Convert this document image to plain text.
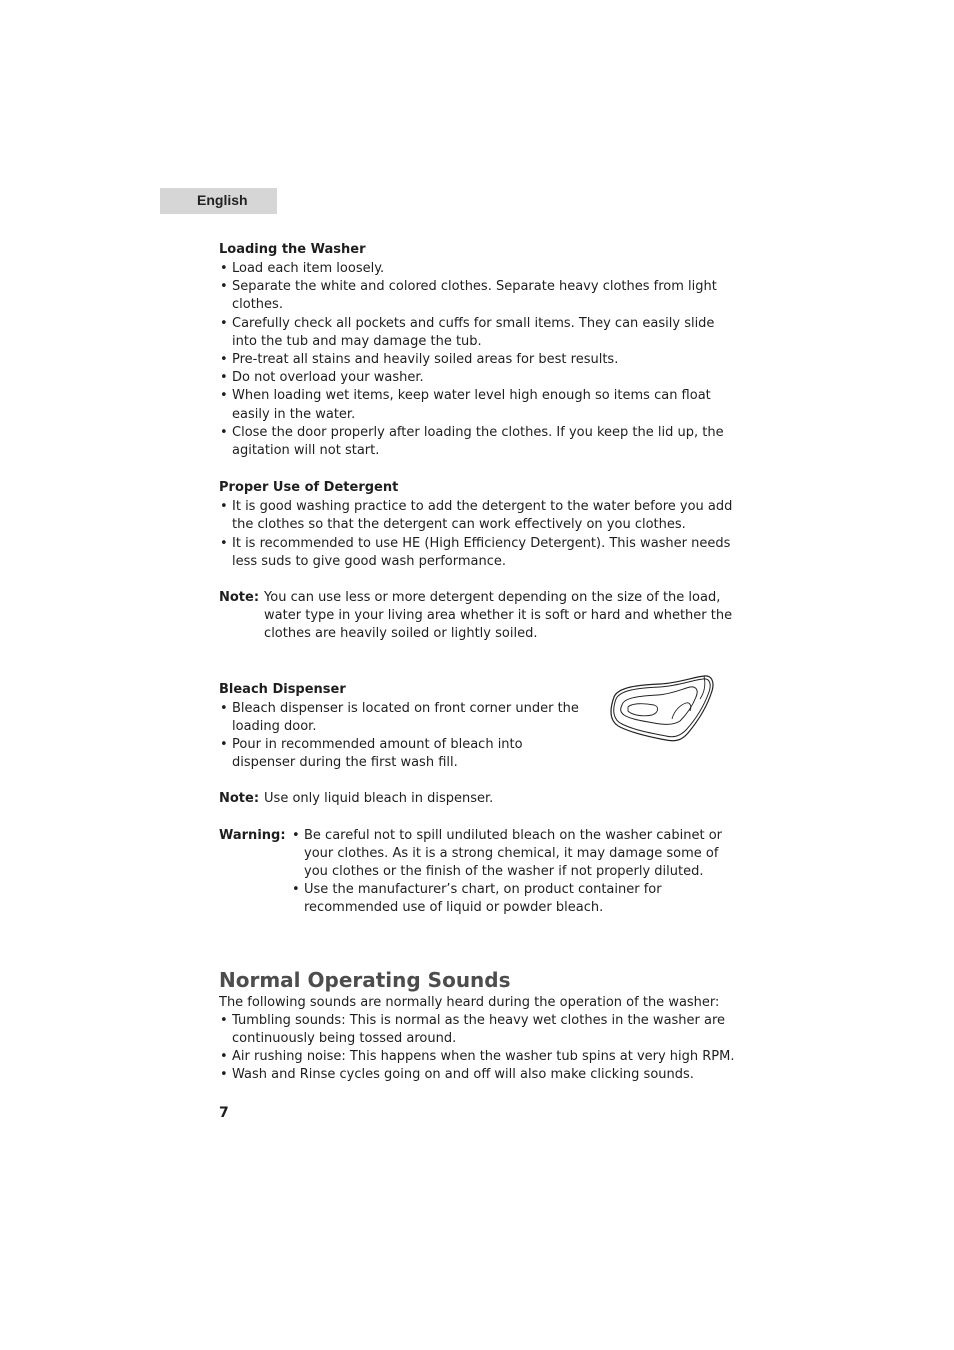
English
Loading the Washer
• Load each item loosely.
• Separate the white and colored clothes. Separate heavy clothes from light clothes.
• Carefully check all pockets and cuffs for small items. They can easily slide into the tub and may damage the tub.
• Pre-treat all stains and heavily soiled areas for best results.
• Do not overload your washer.
• When loading wet items, keep water level high enough so items can float easily in the water.
• Close the door properly after loading the clothes. If you keep the lid up, the agitation will not start.
Proper Use of Detergent
• It is good washing practice to add the detergent to the water before you add the clothes so that the detergent can work effectively on you clothes.
• It is recommended to use HE (High Efficiency Detergent). This washer needs less suds to give good wash performance.
Note: You can use less or more detergent depending on the size of the load, water type in your living area whether it is soft or hard and whether the clothes are heavily soiled or lightly soiled.
Bleach Dispenser
• Bleach dispenser is located on front corner under the loading door.
• Pour in recommended amount of bleach into dispenser during the first wash fill.
Note: Use only liquid bleach in dispenser.
Warning:
•	Be careful not to spill undiluted bleach on the washer cabinet or your clothes. As it is a strong chemical, it may damage some of you clothes or the finish of the washer if not properly diluted.
• Use the manufacturer’s chart, on product container for recommended use of liquid or powder bleach.
Normal Operating Sounds

The following sounds are normally heard during the operation of the washer:

• Tumbling sounds: This is normal as the heavy wet clothes in the washer are continuously being tossed around.
• Air rushing noise: This happens when the washer tub spins at very high RPM.
• Wash and Rinse cycles going on and off will also make clicking sounds.
7
